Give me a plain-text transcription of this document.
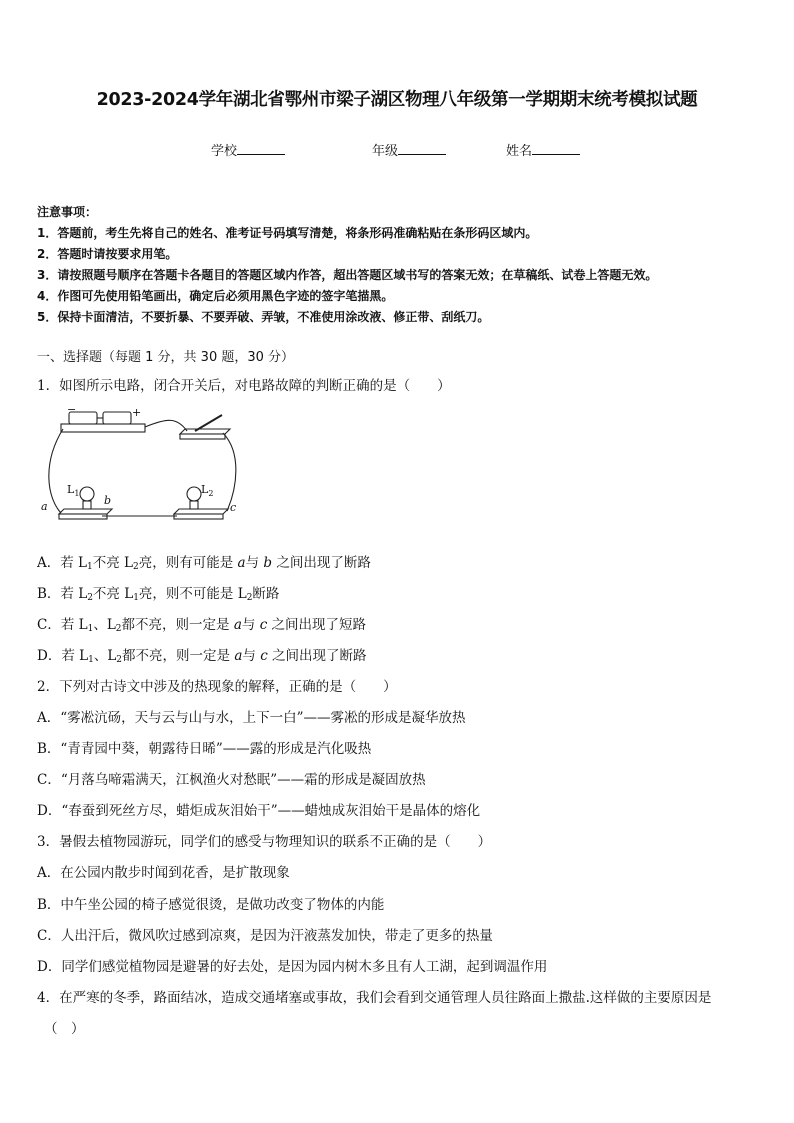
2023-2024学年湖北省鄂州市梁子湖区物理八年级第一学期期末统考模拟试题
学校	年级	姓名
注意事项：
1．答题前，考生先将自己的姓名、准考证号码填写清楚，将条形码准确粘贴在条形码区域内。
2．答题时请按要求用笔。
3．请按照题号顺序在答题卡各题目的答题区域内作答，超出答题区域书写的答案无效；在草稿纸、试卷上答题无效。
4．作图可先使用铅笔画出，确定后必须用黑色字迹的签字笔描黑。
5．保持卡面清洁，不要折暴、不要弄破、弄皱，不准使用涂改液、修正带、刮纸刀。
一、选择题（每题 1 分，共 30 题，30 分）
1．如图所示电路，闭合开关后，对电路故障的判断正确的是（　　）
−	+
$L_1$	$L_2$
a	b
c
A．若 $L_1$不亮 $L_2$亮，则有可能是 a与 b 之间出现了断路
B．若 $L_2$不亮 $L_1$亮，则不可能是 $L_2$断路
C．若 $L_1$、$L_2$都不亮，则一定是 a与 c 之间出现了短路
D．若 $L_1$、$L_2$都不亮，则一定是 a与 c 之间出现了断路
2．下列对古诗文中涉及的热现象的解释，正确的是（　　）
A．“雾凇沆砀，天与云与山与水，上下一白”——雾凇的形成是凝华放热
B．“青青园中葵，朝露待日晞”——露的形成是汽化吸热
C．“月落乌啼霜满天，江枫渔火对愁眠”——霜的形成是凝固放热
D．“春蚕到死丝方尽，蜡炬成灰泪始干”——蜡烛成灰泪始干是晶体的熔化
3．暑假去植物园游玩，同学们的感受与物理知识的联系不正确的是（　　）
A．在公园内散步时闻到花香，是扩散现象
B．中午坐公园的椅子感觉很烫，是做功改变了物体的内能
C．人出汗后，微风吹过感到凉爽，是因为汗液蒸发加快，带走了更多的热量
D．同学们感觉植物园是避暑的好去处，是因为园内树木多且有人工湖，起到调温作用
4．在严寒的冬季，路面结冰，造成交通堵塞或事故，我们会看到交通管理人员往路面上撒盐.这样做的主要原因是
（　）
